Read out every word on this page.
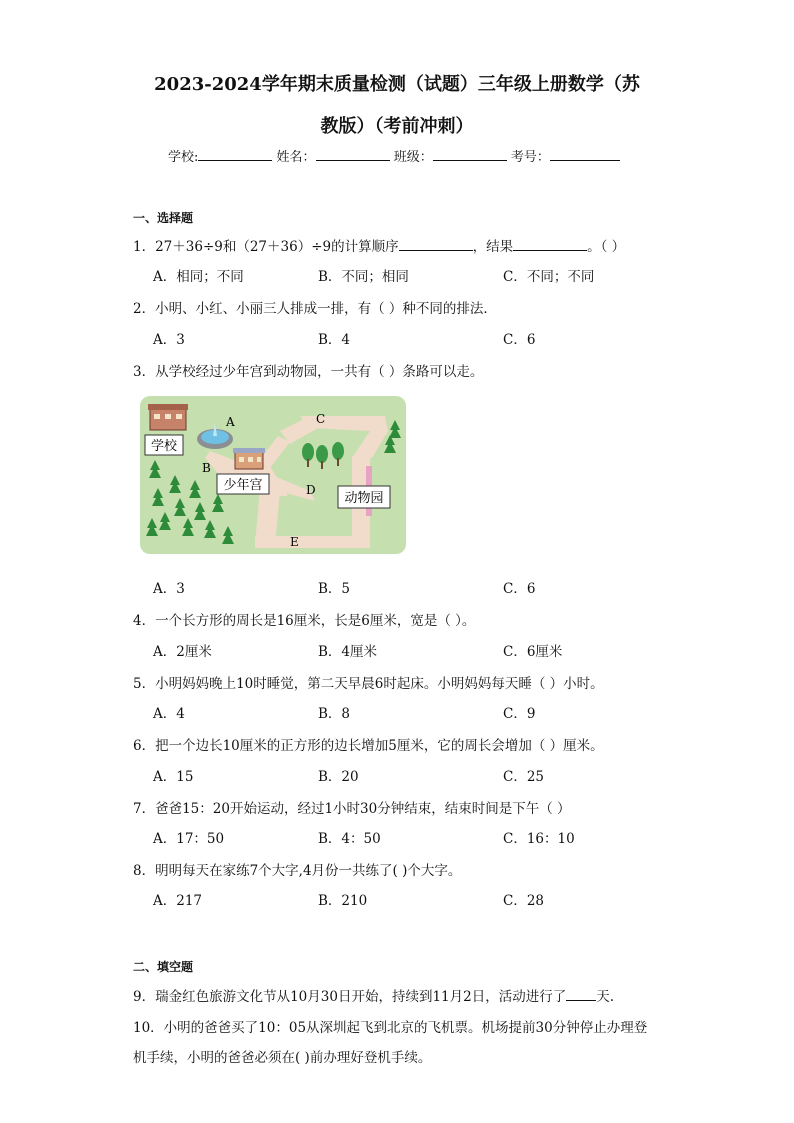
2023-2024学年期末质量检测（试题）三年级上册数学（苏
教版）（考前冲刺）
学校:	姓名：	班级：	考号：
一、选择题
1．27＋36÷9和（27＋36）÷9的计算顺序	，结果	。（ ）
A．相同；不同	B．不同；相同	C．不同；不同
2．小明、小红、小丽三人排成一排，有（ ）种不同的排法．
A．3	B．4	C．6
3．从学校经过少年宫到动物园，一共有（ ）条路可以走。
学校
A
B
C
D
E
少年宫
动物园
A．3	B．5	C．6
4．一个长方形的周长是16厘米，长是6厘米，宽是（ ）。
A．2厘米	B．4厘米	C．6厘米
5．小明妈妈晚上10时睡觉，第二天早晨6时起床。小明妈妈每天睡（ ）小时。
A．4	B．8	C．9
6．把一个边长10厘米的正方形的边长增加5厘米，它的周长会增加（ ）厘米。
A．15	B．20	C．25
7．爸爸15：20开始运动，经过1小时30分钟结束，结束时间是下午（ ）
A．17：50	B．4：50	C．16：10
8．明明每天在家练7个大字,4月份一共练了( )个大字。
A．217	B．210	C．28
二、填空题
9．瑞金红色旅游文化节从10月30日开始，持续到11月2日，活动进行了 天.
10．小明的爸爸买了10：05从深圳起飞到北京的飞机票。机场提前30分钟停止办理登
机手续，小明的爸爸必须在( )前办理好登机手续。
